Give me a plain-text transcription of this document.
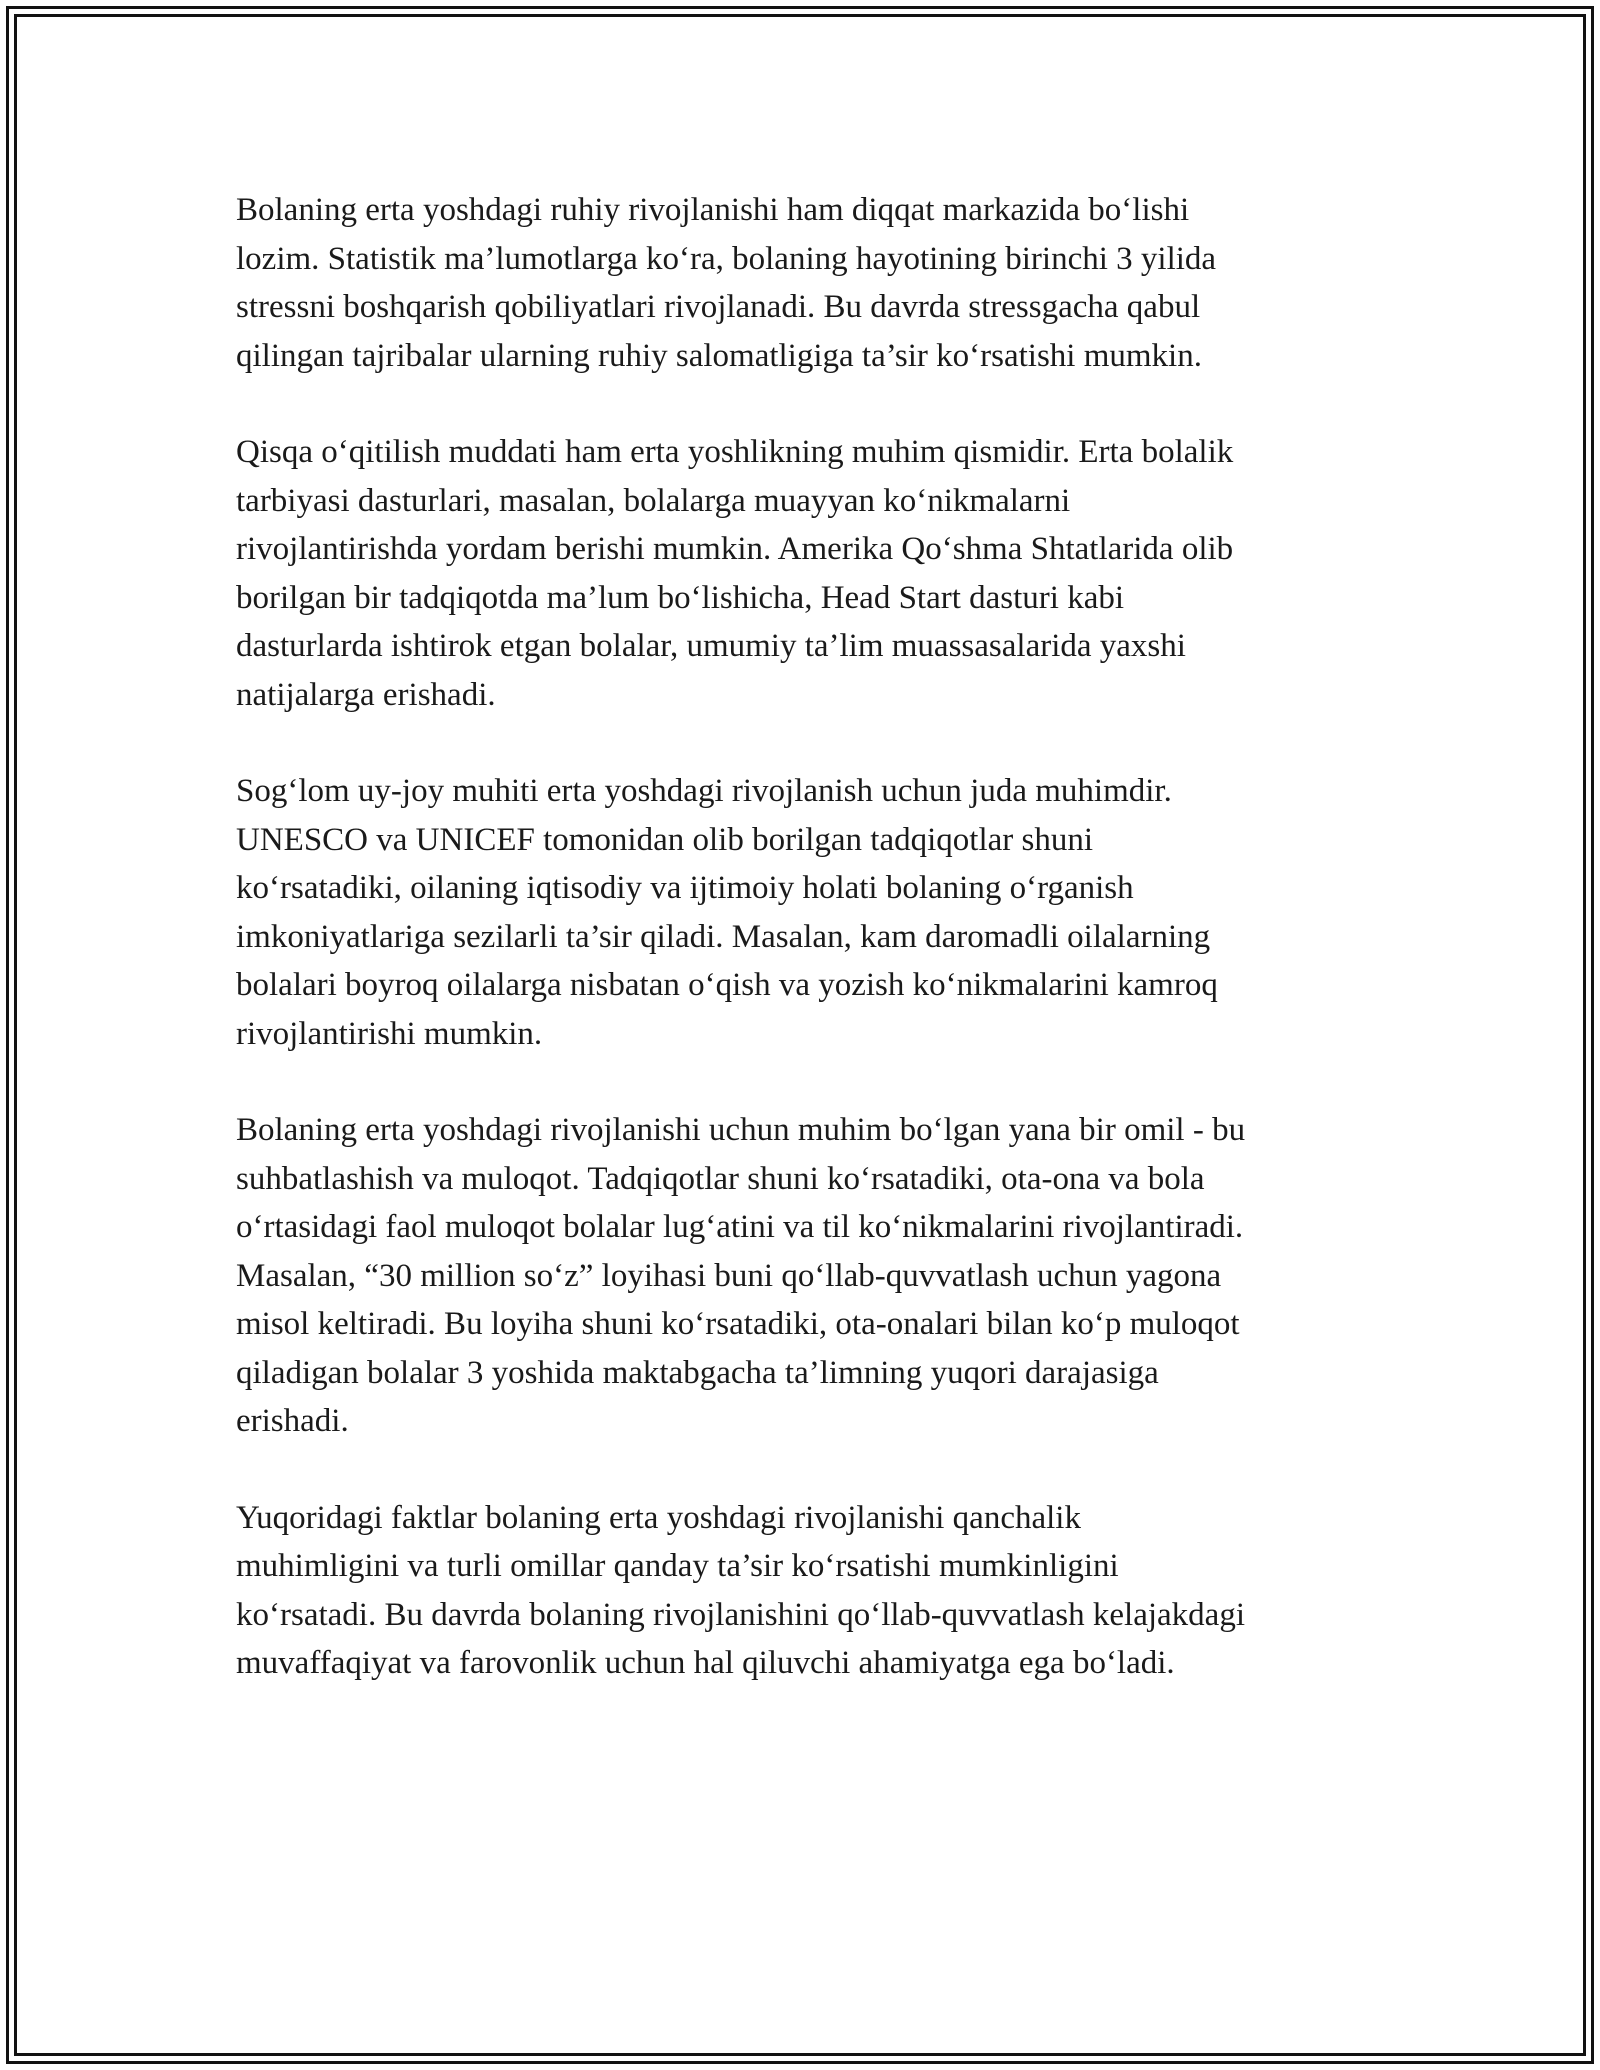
Bolaning erta yoshdagi ruhiy rivojlanishi ham diqqat markazida bo‘lishi
lozim. Statistik ma’lumotlarga ko‘ra, bolaning hayotining birinchi 3 yilida
stressni boshqarish qobiliyatlari rivojlanadi. Bu davrda stressgacha qabul
qilingan tajribalar ularning ruhiy salomatligiga ta’sir ko‘rsatishi mumkin.

Qisqa o‘qitilish muddati ham erta yoshlikning muhim qismidir. Erta bolalik
tarbiyasi dasturlari, masalan, bolalarga muayyan ko‘nikmalarni
rivojlantirishda yordam berishi mumkin. Amerika Qo‘shma Shtatlarida olib
borilgan bir tadqiqotda ma’lum bo‘lishicha, Head Start dasturi kabi
dasturlarda ishtirok etgan bolalar, umumiy ta’lim muassasalarida yaxshi
natijalarga erishadi.

Sog‘lom uy-joy muhiti erta yoshdagi rivojlanish uchun juda muhimdir.
UNESCO va UNICEF tomonidan olib borilgan tadqiqotlar shuni
ko‘rsatadiki, oilaning iqtisodiy va ijtimoiy holati bolaning o‘rganish
imkoniyatlariga sezilarli ta’sir qiladi. Masalan, kam daromadli oilalarning
bolalari boyroq oilalarga nisbatan o‘qish va yozish ko‘nikmalarini kamroq
rivojlantirishi mumkin.

Bolaning erta yoshdagi rivojlanishi uchun muhim bo‘lgan yana bir omil - bu
suhbatlashish va muloqot. Tadqiqotlar shuni ko‘rsatadiki, ota-ona va bola
o‘rtasidagi faol muloqot bolalar lug‘atini va til ko‘nikmalarini rivojlantiradi.
Masalan, “30 million so‘z” loyihasi buni qo‘llab-quvvatlash uchun yagona
misol keltiradi. Bu loyiha shuni ko‘rsatadiki, ota-onalari bilan ko‘p muloqot
qiladigan bolalar 3 yoshida maktabgacha ta’limning yuqori darajasiga
erishadi.

Yuqoridagi faktlar bolaning erta yoshdagi rivojlanishi qanchalik
muhimligini va turli omillar qanday ta’sir ko‘rsatishi mumkinligini
ko‘rsatadi. Bu davrda bolaning rivojlanishini qo‘llab-quvvatlash kelajakdagi
muvaffaqiyat va farovonlik uchun hal qiluvchi ahamiyatga ega bo‘ladi.
